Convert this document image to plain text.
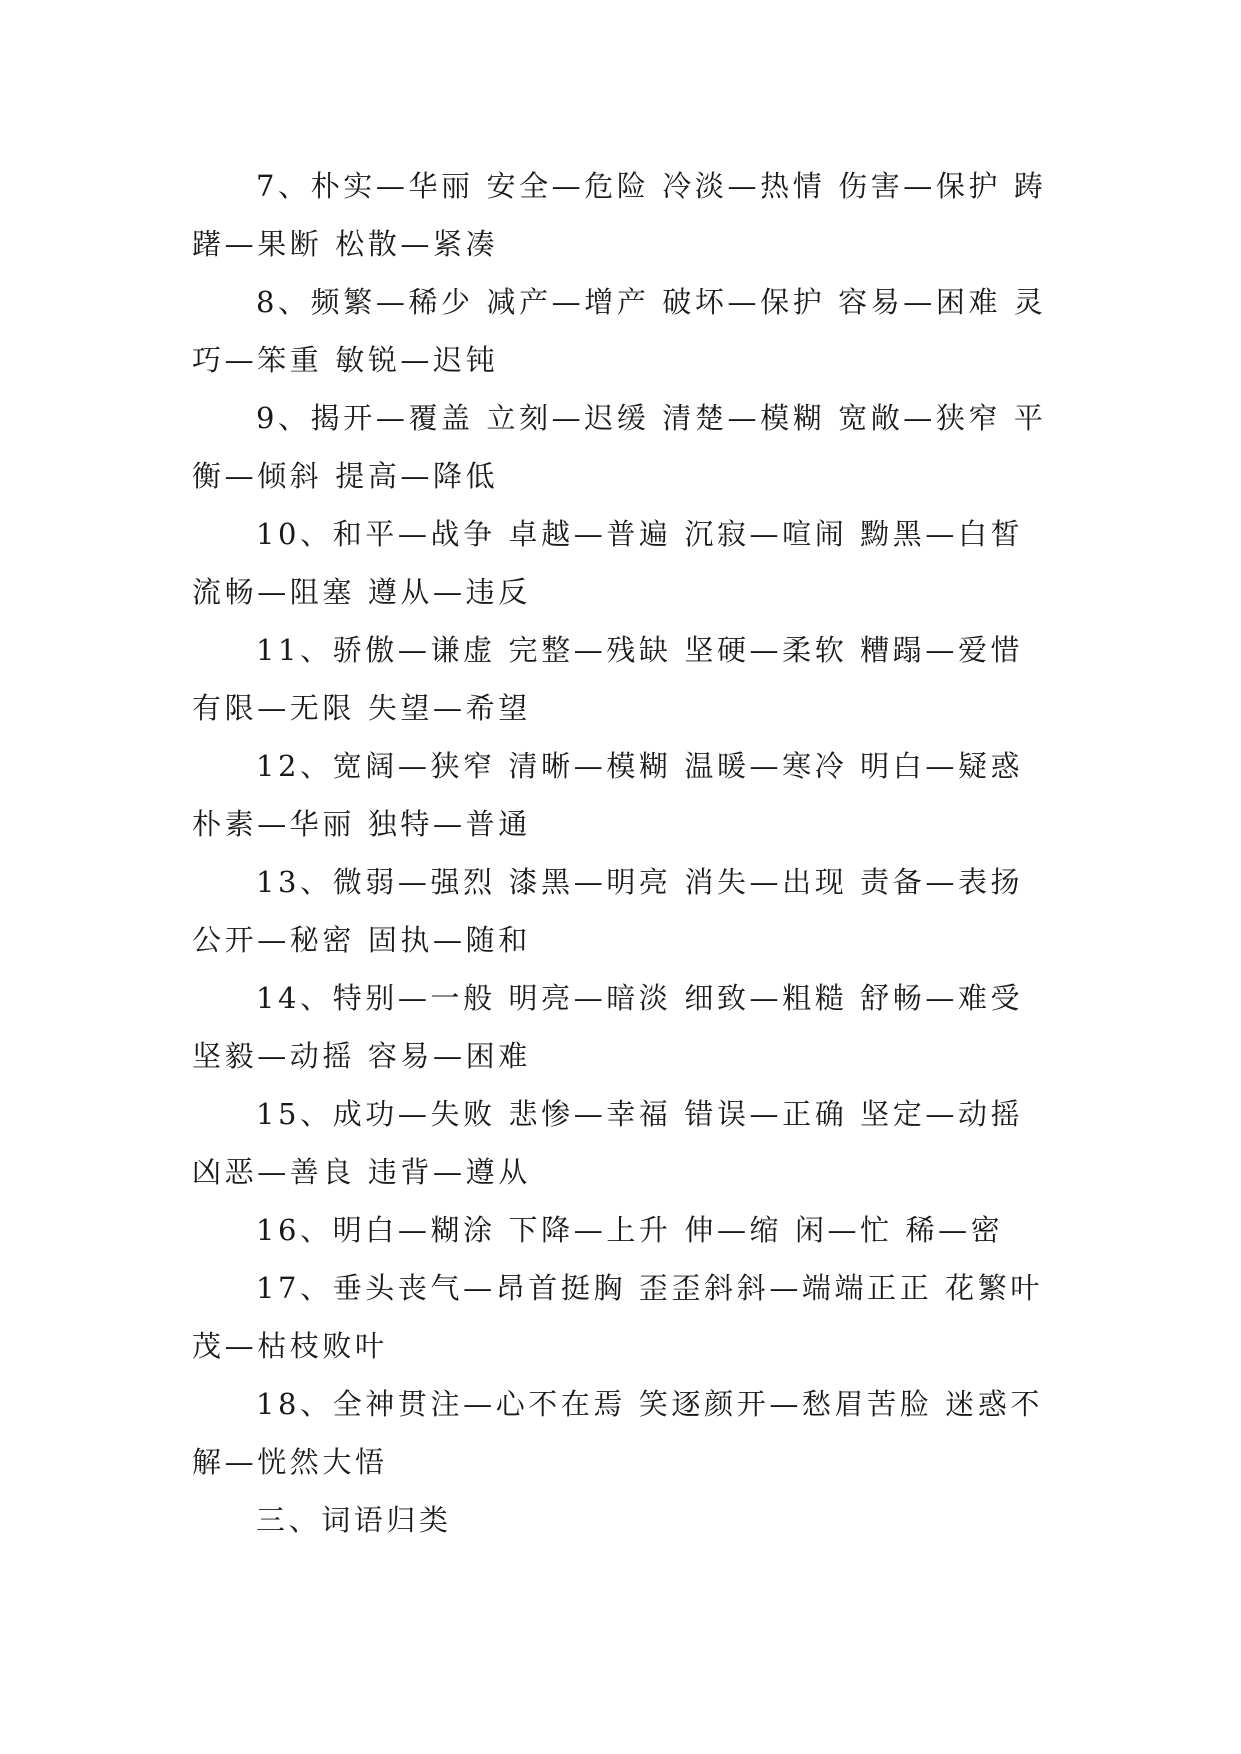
7、朴实—华丽 安全—危险 冷淡—热情 伤害—保护 踌躇—果断 松散—紧凑

8、频繁—稀少 减产—增产 破坏—保护 容易—困难 灵巧—笨重 敏锐—迟钝

9、揭开—覆盖 立刻—迟缓 清楚—模糊 宽敞—狭窄 平衡—倾斜 提高—降低

10、和平—战争 卓越—普遍 沉寂—喧闹 黝黑—白皙 流畅—阻塞 遵从—违反

11、骄傲—谦虚 完整—残缺 坚硬—柔软 糟蹋—爱惜 有限—无限 失望—希望

12、宽阔—狭窄 清晰—模糊 温暖—寒冷 明白—疑惑 朴素—华丽 独特—普通

13、微弱—强烈 漆黑—明亮 消失—出现 责备—表扬 公开—秘密 固执—随和

14、特别—一般 明亮—暗淡 细致—粗糙 舒畅—难受 坚毅—动摇 容易—困难

15、成功—失败 悲惨—幸福 错误—正确 坚定—动摇 凶恶—善良 违背—遵从

16、明白—糊涂 下降—上升 伸—缩 闲—忙 稀—密

17、垂头丧气—昂首挺胸 歪歪斜斜—端端正正 花繁叶茂—枯枝败叶

18、全神贯注—心不在焉 笑逐颜开—愁眉苦脸 迷惑不解—恍然大悟

三、词语归类
